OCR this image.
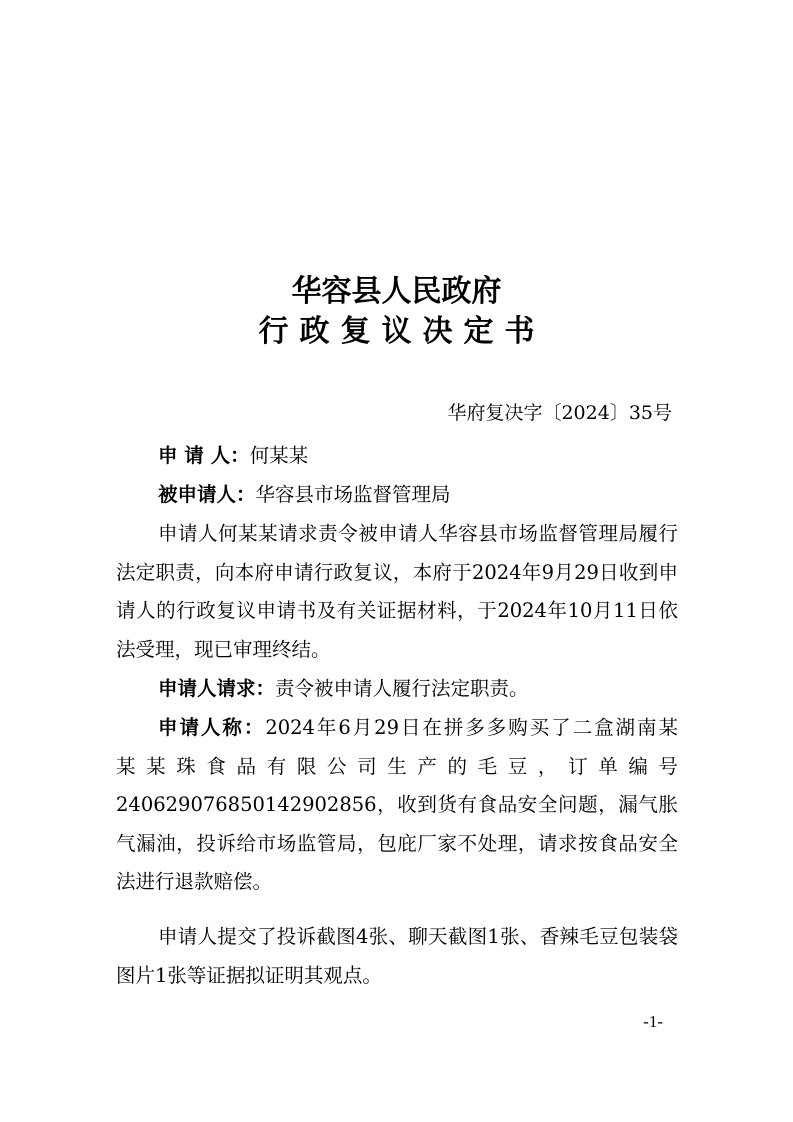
华容县人民政府
行政复议决定书
华府复决字〔2024〕35号

申 请 人：何某某

被申请人：华容县市场监督管理局

申请人何某某请求责令被申请人华容县市场监督管理局履行法定职责，向本府申请行政复议，本府于2024年9月29日收到申请人的行政复议申请书及有关证据材料，于2024年10月11日依法受理，现已审理终结。

申请人请求：责令被申请人履行法定职责。

申请人称：2024年6月29日在拼多多购买了二盒湖南某
某某珠食品有限公司生产的毛豆，订单编号
240629076850142902856，收到货有食品安全问题，漏气胀气漏油，投诉给市场监管局，包庇厂家不处理，请求按食品安全法进行退款赔偿。

申请人提交了投诉截图4张、聊天截图1张、香辣毛豆包装袋图片1张等证据拟证明其观点。

-1-
